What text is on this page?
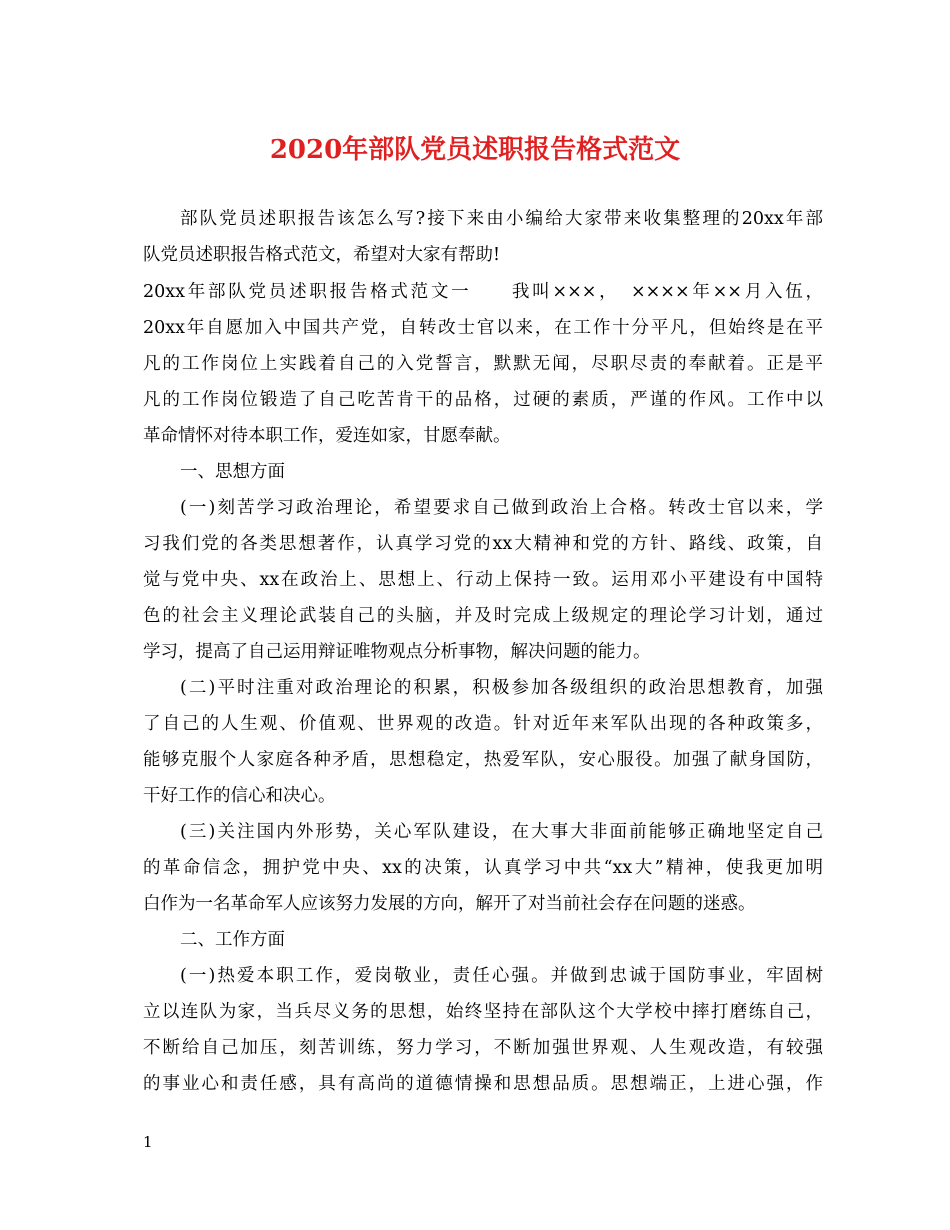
2020年部队党员述职报告格式范文
部队党员述职报告该怎么写?接下来由小编给大家带来收集整理的20xx年部
队党员述职报告格式范文，希望对大家有帮助!
20xx年部队党员述职报告格式范文一　　我叫×××，　××××年××月入伍，
20xx年自愿加入中国共产党，自转改士官以来，在工作十分平凡，但始终是在平
凡的工作岗位上实践着自己的入党誓言，默默无闻，尽职尽责的奉献着。正是平
凡的工作岗位锻造了自己吃苦肯干的品格，过硬的素质，严谨的作风。工作中以
革命情怀对待本职工作，爱连如家，甘愿奉献。
一、思想方面
(一)刻苦学习政治理论，希望要求自己做到政治上合格。转改士官以来，学
习我们党的各类思想著作，认真学习党的xx大精神和党的方针、路线、政策，自
觉与党中央、xx在政治上、思想上、行动上保持一致。运用邓小平建设有中国特
色的社会主义理论武装自己的头脑，并及时完成上级规定的理论学习计划，通过
学习，提高了自己运用辩证唯物观点分析事物，解决问题的能力。
(二)平时注重对政治理论的积累，积极参加各级组织的政治思想教育，加强
了自己的人生观、价值观、世界观的改造。针对近年来军队出现的各种政策多，
能够克服个人家庭各种矛盾，思想稳定，热爱军队，安心服役。加强了献身国防，
干好工作的信心和决心。
(三)关注国内外形势，关心军队建设，在大事大非面前能够正确地坚定自己
的革命信念，拥护党中央、xx的决策，认真学习中共“xx大”精神，使我更加明
白作为一名革命军人应该努力发展的方向，解开了对当前社会存在问题的迷惑。
二、工作方面
(一)热爱本职工作，爱岗敬业，责任心强。并做到忠诚于国防事业，牢固树
立以连队为家，当兵尽义务的思想，始终坚持在部队这个大学校中摔打磨练自己，
不断给自己加压，刻苦训练，努力学习，不断加强世界观、人生观改造，有较强
的事业心和责任感，具有高尚的道德情操和思想品质。思想端正，上进心强，作
1
